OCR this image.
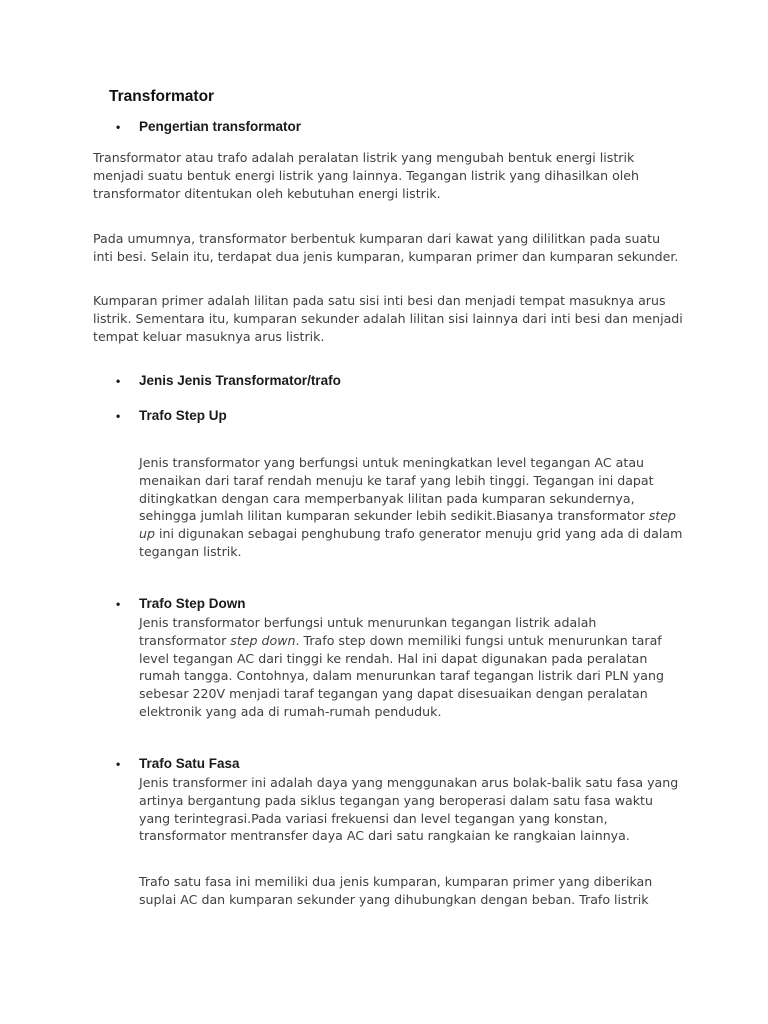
Transformator
• Pengertian transformator
Transformator atau trafo adalah peralatan listrik yang mengubah bentuk energi listrik menjadi suatu bentuk energi listrik yang lainnya. Tegangan listrik yang dihasilkan oleh transformator ditentukan oleh kebutuhan energi listrik.
Pada umumnya, transformator berbentuk kumparan dari kawat yang dililitkan pada suatu inti besi. Selain itu, terdapat dua jenis kumparan, kumparan primer dan kumparan sekunder.
Kumparan primer adalah lilitan pada satu sisi inti besi dan menjadi tempat masuknya arus listrik. Sementara itu, kumparan sekunder adalah lilitan sisi lainnya dari inti besi dan menjadi tempat keluar masuknya arus listrik.
• Jenis Jenis Transformator/trafo
• Trafo Step Up
Jenis transformator yang berfungsi untuk meningkatkan level tegangan AC atau menaikan dari taraf rendah menuju ke taraf yang lebih tinggi. Tegangan ini dapat ditingkatkan dengan cara memperbanyak lilitan pada kumparan sekundernya, sehingga jumlah lilitan kumparan sekunder lebih sedikit.Biasanya transformator step up ini digunakan sebagai penghubung trafo generator menuju grid yang ada di dalam tegangan listrik.
• Trafo Step Down
Jenis transformator berfungsi untuk menurunkan tegangan listrik adalah transformator step down. Trafo step down memiliki fungsi untuk menurunkan taraf level tegangan AC dari tinggi ke rendah. Hal ini dapat digunakan pada peralatan rumah tangga. Contohnya, dalam menurunkan taraf tegangan listrik dari PLN yang sebesar 220V menjadi taraf tegangan yang dapat disesuaikan dengan peralatan elektronik yang ada di rumah-rumah penduduk.
• Trafo Satu Fasa
Jenis transformer ini adalah daya yang menggunakan arus bolak-balik satu fasa yang artinya bergantung pada siklus tegangan yang beroperasi dalam satu fasa waktu yang terintegrasi.Pada variasi frekuensi dan level tegangan yang konstan, transformator mentransfer daya AC dari satu rangkaian ke rangkaian lainnya.
Trafo satu fasa ini memiliki dua jenis kumparan, kumparan primer yang diberikan suplai AC dan kumparan sekunder yang dihubungkan dengan beban. Trafo listrik
